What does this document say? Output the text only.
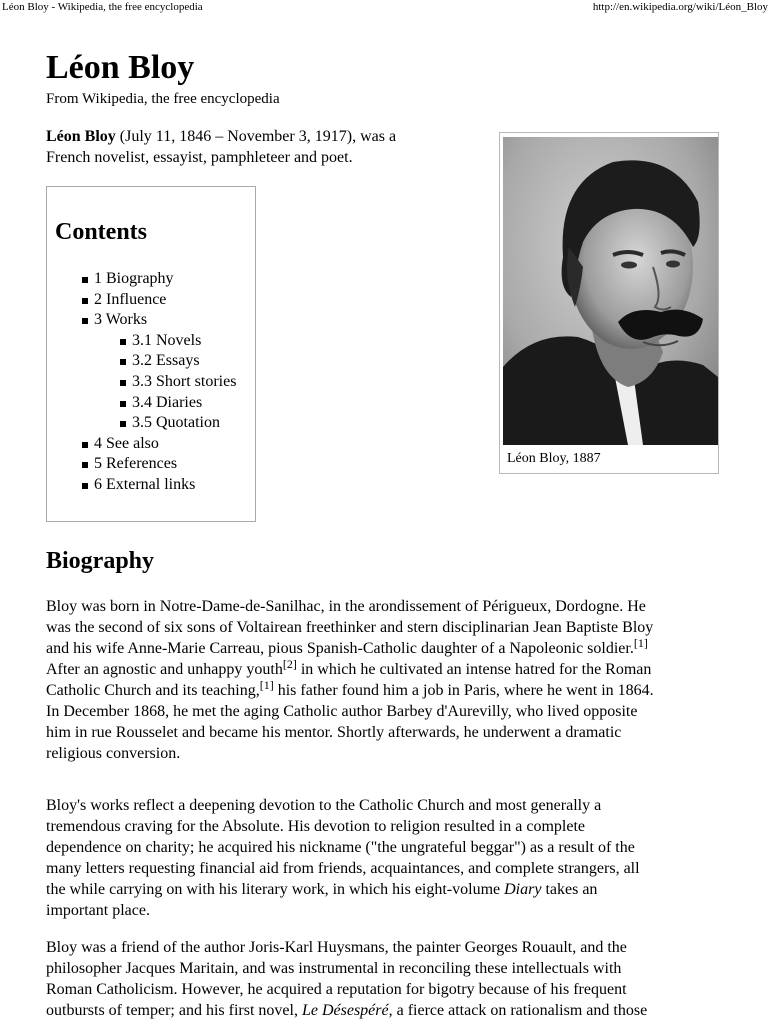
Léon Bloy - Wikipedia, the free encyclopedia	http://en.wikipedia.org/wiki/Léon_Bloy
Léon Bloy
From Wikipedia, the free encyclopedia
Léon Bloy (July 11, 1846 – November 3, 1917), was a
French novelist, essayist, pamphleteer and poet.
Léon Bloy, 1887
Contents
1 Biography
2 Influence
3 Works
3.1 Novels
3.2 Essays
3.3 Short stories
3.4 Diaries
3.5 Quotation
4 See also
5 References
6 External links
Biography

Bloy was born in Notre-Dame-de-Sanilhac, in the arondissement of Périgueux, Dordogne. He
was the second of six sons of Voltairean freethinker and stern disciplinarian Jean Baptiste Bloy
and his wife Anne-Marie Carreau, pious Spanish-Catholic daughter of a Napoleonic soldier.[1]
After an agnostic and unhappy youth[2] in which he cultivated an intense hatred for the Roman
Catholic Church and its teaching,[1] his father found him a job in Paris, where he went in 1864.
In December 1868, he met the aging Catholic author Barbey d'Aurevilly, who lived opposite
him in rue Rousselet and became his mentor. Shortly afterwards, he underwent a dramatic
religious conversion.

Bloy's works reflect a deepening devotion to the Catholic Church and most generally a
tremendous craving for the Absolute. His devotion to religion resulted in a complete
dependence on charity; he acquired his nickname ("the ungrateful beggar") as a result of the
many letters requesting financial aid from friends, acquaintances, and complete strangers, all
the while carrying on with his literary work, in which his eight-volume Diary takes an
important place.

Bloy was a friend of the author Joris-Karl Huysmans, the painter Georges Rouault, and the
philosopher Jacques Maritain, and was instrumental in reconciling these intellectuals with
Roman Catholicism. However, he acquired a reputation for bigotry because of his frequent
outbursts of temper; and his first novel, Le Désespéré, a fierce attack on rationalism and those
